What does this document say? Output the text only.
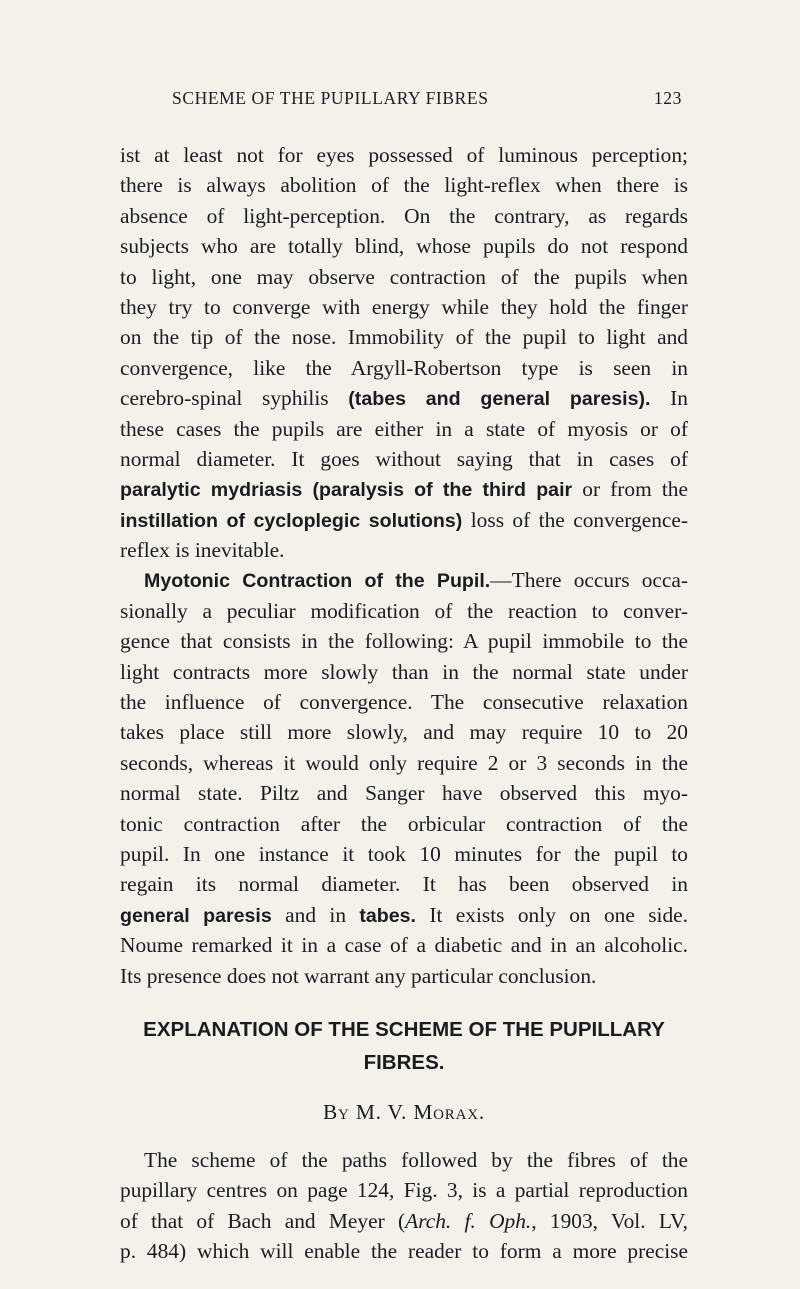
SCHEME OF THE PUPILLARY FIBRES	123
ist at least not for eyes possessed of luminous perception;
there is always abolition of the light-reflex when there is
absence of light-perception. On the contrary, as regards
subjects who are totally blind, whose pupils do not respond
to light, one may observe contraction of the pupils when
they try to converge with energy while they hold the finger
on the tip of the nose. Immobility of the pupil to light and
convergence, like the Argyll-Robertson type is seen in
cerebro-spinal syphilis (tabes and general paresis). In
these cases the pupils are either in a state of myosis or of
normal diameter. It goes without saying that in cases of
paralytic mydriasis (paralysis of the third pair or from the
instillation of cycloplegic solutions) loss of the convergence-
reflex is inevitable.
Myotonic Contraction of the Pupil.—There occurs occa-
sionally a peculiar modification of the reaction to conver-
gence that consists in the following: A pupil immobile to the
light contracts more slowly than in the normal state under
the influence of convergence. The consecutive relaxation
takes place still more slowly, and may require 10 to 20
seconds, whereas it would only require 2 or 3 seconds in the
normal state. Piltz and Sanger have observed this myo-
tonic contraction after the orbicular contraction of the
pupil. In one instance it took 10 minutes for the pupil to
regain its normal diameter. It has been observed in
general paresis and in tabes. It exists only on one side.
Noume remarked it in a case of a diabetic and in an alcoholic.
Its presence does not warrant any particular conclusion.
EXPLANATION OF THE SCHEME OF THE PUPILLARY
FIBRES.
By M. V. Morax.
The scheme of the paths followed by the fibres of the
pupillary centres on page 124, Fig. 3, is a partial reproduction
of that of Bach and Meyer (Arch. f. Oph., 1903, Vol. LV,
p. 484) which will enable the reader to form a more precise
